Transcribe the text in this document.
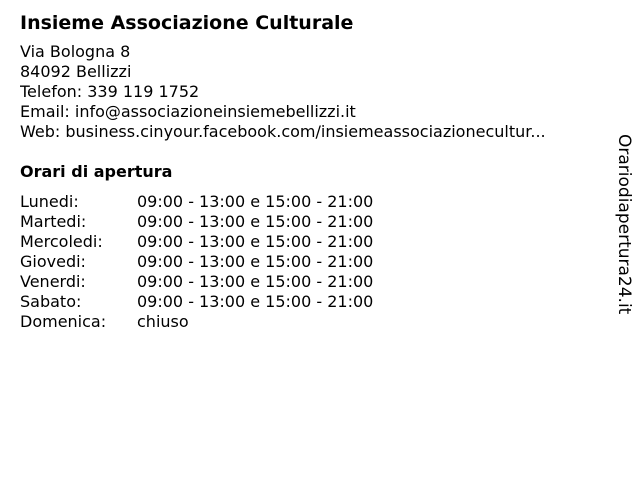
Insieme Associazione Culturale
Via Bologna 8
84092 Bellizzi
Telefon: 339 119 1752
Email: info@associazioneinsiemebellizzi.it
Web: business.cinyour.facebook.com/insiemeassociazionecultur...
Orari di apertura
Lunedi:	09:00 - 13:00 e 15:00 - 21:00
Martedi:	09:00 - 13:00 e 15:00 - 21:00
Mercoledi:	09:00 - 13:00 e 15:00 - 21:00
Giovedi:	09:00 - 13:00 e 15:00 - 21:00
Venerdi:	09:00 - 13:00 e 15:00 - 21:00
Sabato:	09:00 - 13:00 e 15:00 - 21:00
Domenica:	chiuso
Orariodiapertura24.it
